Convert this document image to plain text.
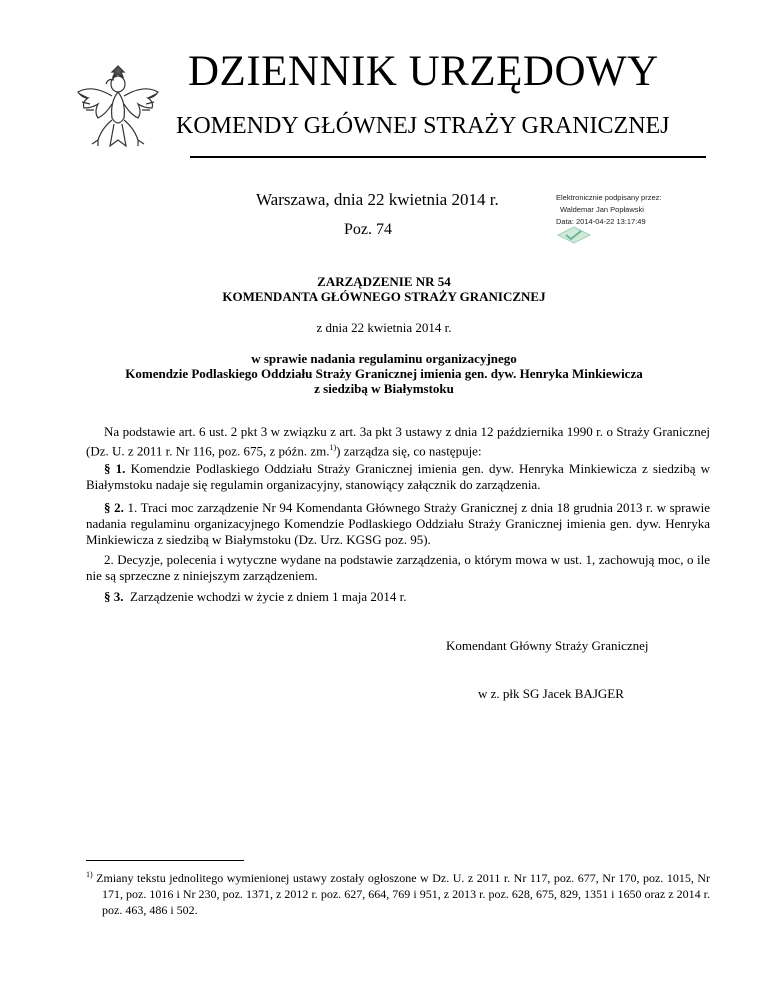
DZIENNIK URZĘDOWY
KOMENDY GŁÓWNEJ STRAŻY GRANICZNEJ
Warszawa, dnia 22 kwietnia 2014 r.
Poz. 74
Elektronicznie podpisany przez:
Waldemar Jan Popławski
Data: 2014-04-22 13:17:49
ZARZĄDZENIE NR 54
KOMENDANTA GŁÓWNEGO STRAŻY GRANICZNEJ
z dnia 22 kwietnia 2014 r.
w sprawie nadania regulaminu organizacyjnego
Komendzie Podlaskiego Oddziału Straży Granicznej imienia gen. dyw. Henryka Minkiewicza
z siedzibą w Białymstoku
Na podstawie art. 6 ust. 2 pkt 3 w związku z art. 3a pkt 3 ustawy z dnia 12 października 1990 r. o Straży Granicznej (Dz. U. z 2011 r. Nr 116, poz. 675, z późn. zm.$^{1)}$) zarządza się, co następuje:
§ 1. Komendzie Podlaskiego Oddziału Straży Granicznej imienia gen. dyw. Henryka Minkiewicza z siedzibą w Białymstoku nadaje się regulamin organizacyjny, stanowiący załącznik do zarządzenia.
§ 2. 1. Traci moc zarządzenie Nr 94 Komendanta Głównego Straży Granicznej z dnia 18 grudnia 2013 r. w sprawie nadania regulaminu organizacyjnego Komendzie Podlaskiego Oddziału Straży Granicznej imienia gen. dyw. Henryka Minkiewicza z siedzibą w Białymstoku (Dz. Urz. KGSG poz. 95).
2. Decyzje, polecenia i wytyczne wydane na podstawie zarządzenia, o którym mowa w ust. 1, zachowują moc, o ile nie są sprzeczne z niniejszym zarządzeniem.
§ 3.  Zarządzenie wchodzi w życie z dniem 1 maja 2014 r.
Komendant Główny Straży Granicznej
w z. płk SG Jacek BAJGER
$^{1)}$ Zmiany tekstu jednolitego wymienionej ustawy zostały ogłoszone w Dz. U. z 2011 r. Nr 117, poz. 677, Nr 170, poz. 1015, Nr 171, poz. 1016 i Nr 230, poz. 1371, z 2012 r. poz. 627, 664, 769 i 951, z 2013 r. poz. 628, 675, 829, 1351 i 1650 oraz z 2014 r. poz. 463, 486 i 502.
